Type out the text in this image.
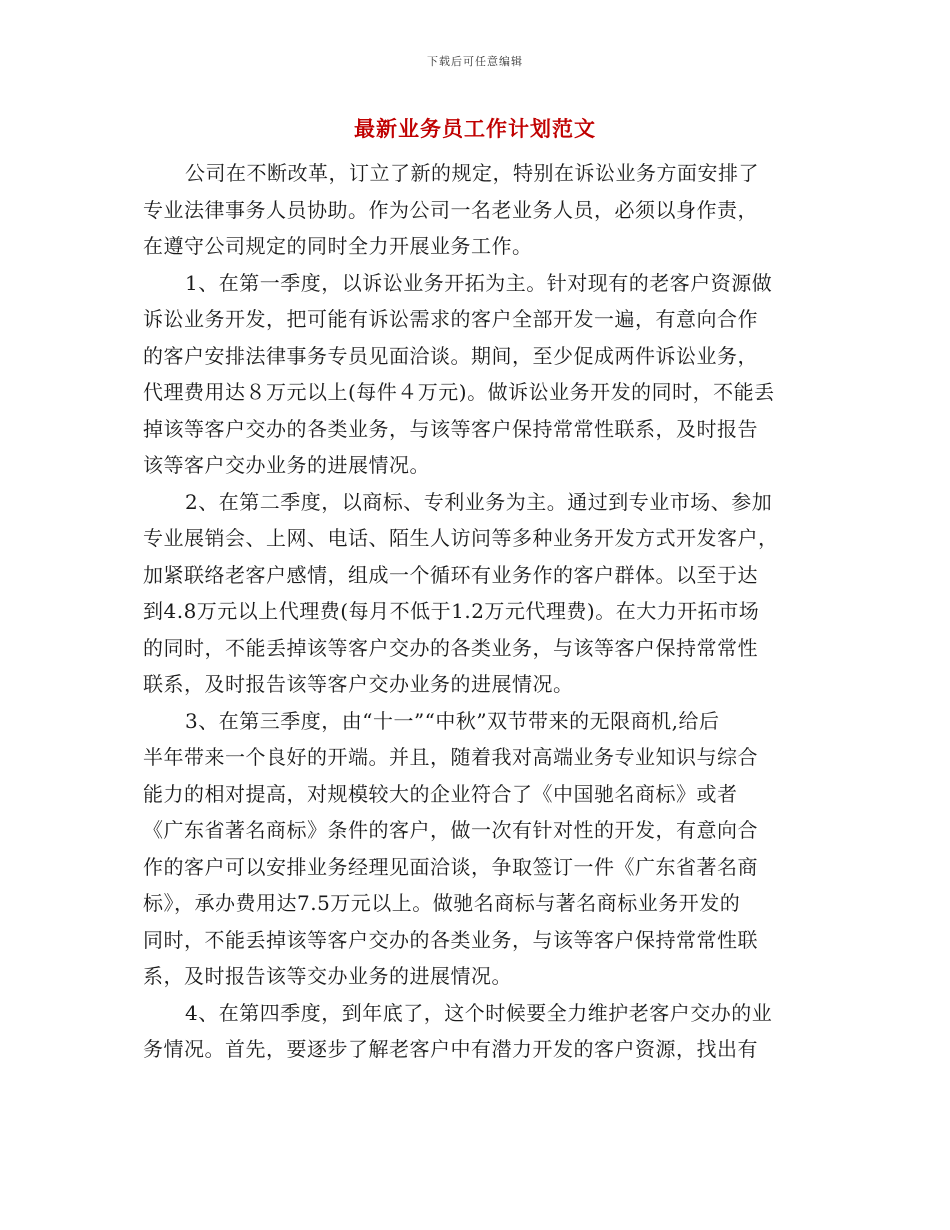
下载后可任意编辑
最新业务员工作计划范文
公司在不断改革，订立了新的规定，特别在诉讼业务方面安排了
专业法律事务人员协助。作为公司一名老业务人员，必须以身作责，
在遵守公司规定的同时全力开展业务工作。
1、在第一季度，以诉讼业务开拓为主。针对现有的老客户资源做
诉讼业务开发，把可能有诉讼需求的客户全部开发一遍，有意向合作
的客户安排法律事务专员见面洽谈。期间，至少促成两件诉讼业务，
代理费用达８万元以上(每件４万元)。做诉讼业务开发的同时，不能丢
掉该等客户交办的各类业务，与该等客户保持常常性联系，及时报告
该等客户交办业务的进展情况。
2、在第二季度，以商标、专利业务为主。通过到专业市场、参加
专业展销会、上网、电话、陌生人访问等多种业务开发方式开发客户，
加紧联络老客户感情，组成一个循环有业务作的客户群体。以至于达
到4.8万元以上代理费(每月不低于1.2万元代理费)。在大力开拓市场
的同时，不能丢掉该等客户交办的各类业务，与该等客户保持常常性
联系，及时报告该等客户交办业务的进展情况。
3、在第三季度，由“十一”“中秋”双节带来的无限商机,给后
半年带来一个良好的开端。并且，随着我对高端业务专业知识与综合
能力的相对提高，对规模较大的企业符合了《中国驰名商标》或者
《广东省著名商标》条件的客户，做一次有针对性的开发，有意向合
作的客户可以安排业务经理见面洽谈，争取签订一件《广东省著名商
标》，承办费用达7.5万元以上。做驰名商标与著名商标业务开发的
同时，不能丢掉该等客户交办的各类业务，与该等客户保持常常性联
系，及时报告该等交办业务的进展情况。
4、在第四季度，到年底了，这个时候要全力维护老客户交办的业
务情况。首先，要逐步了解老客户中有潜力开发的客户资源，找出有
